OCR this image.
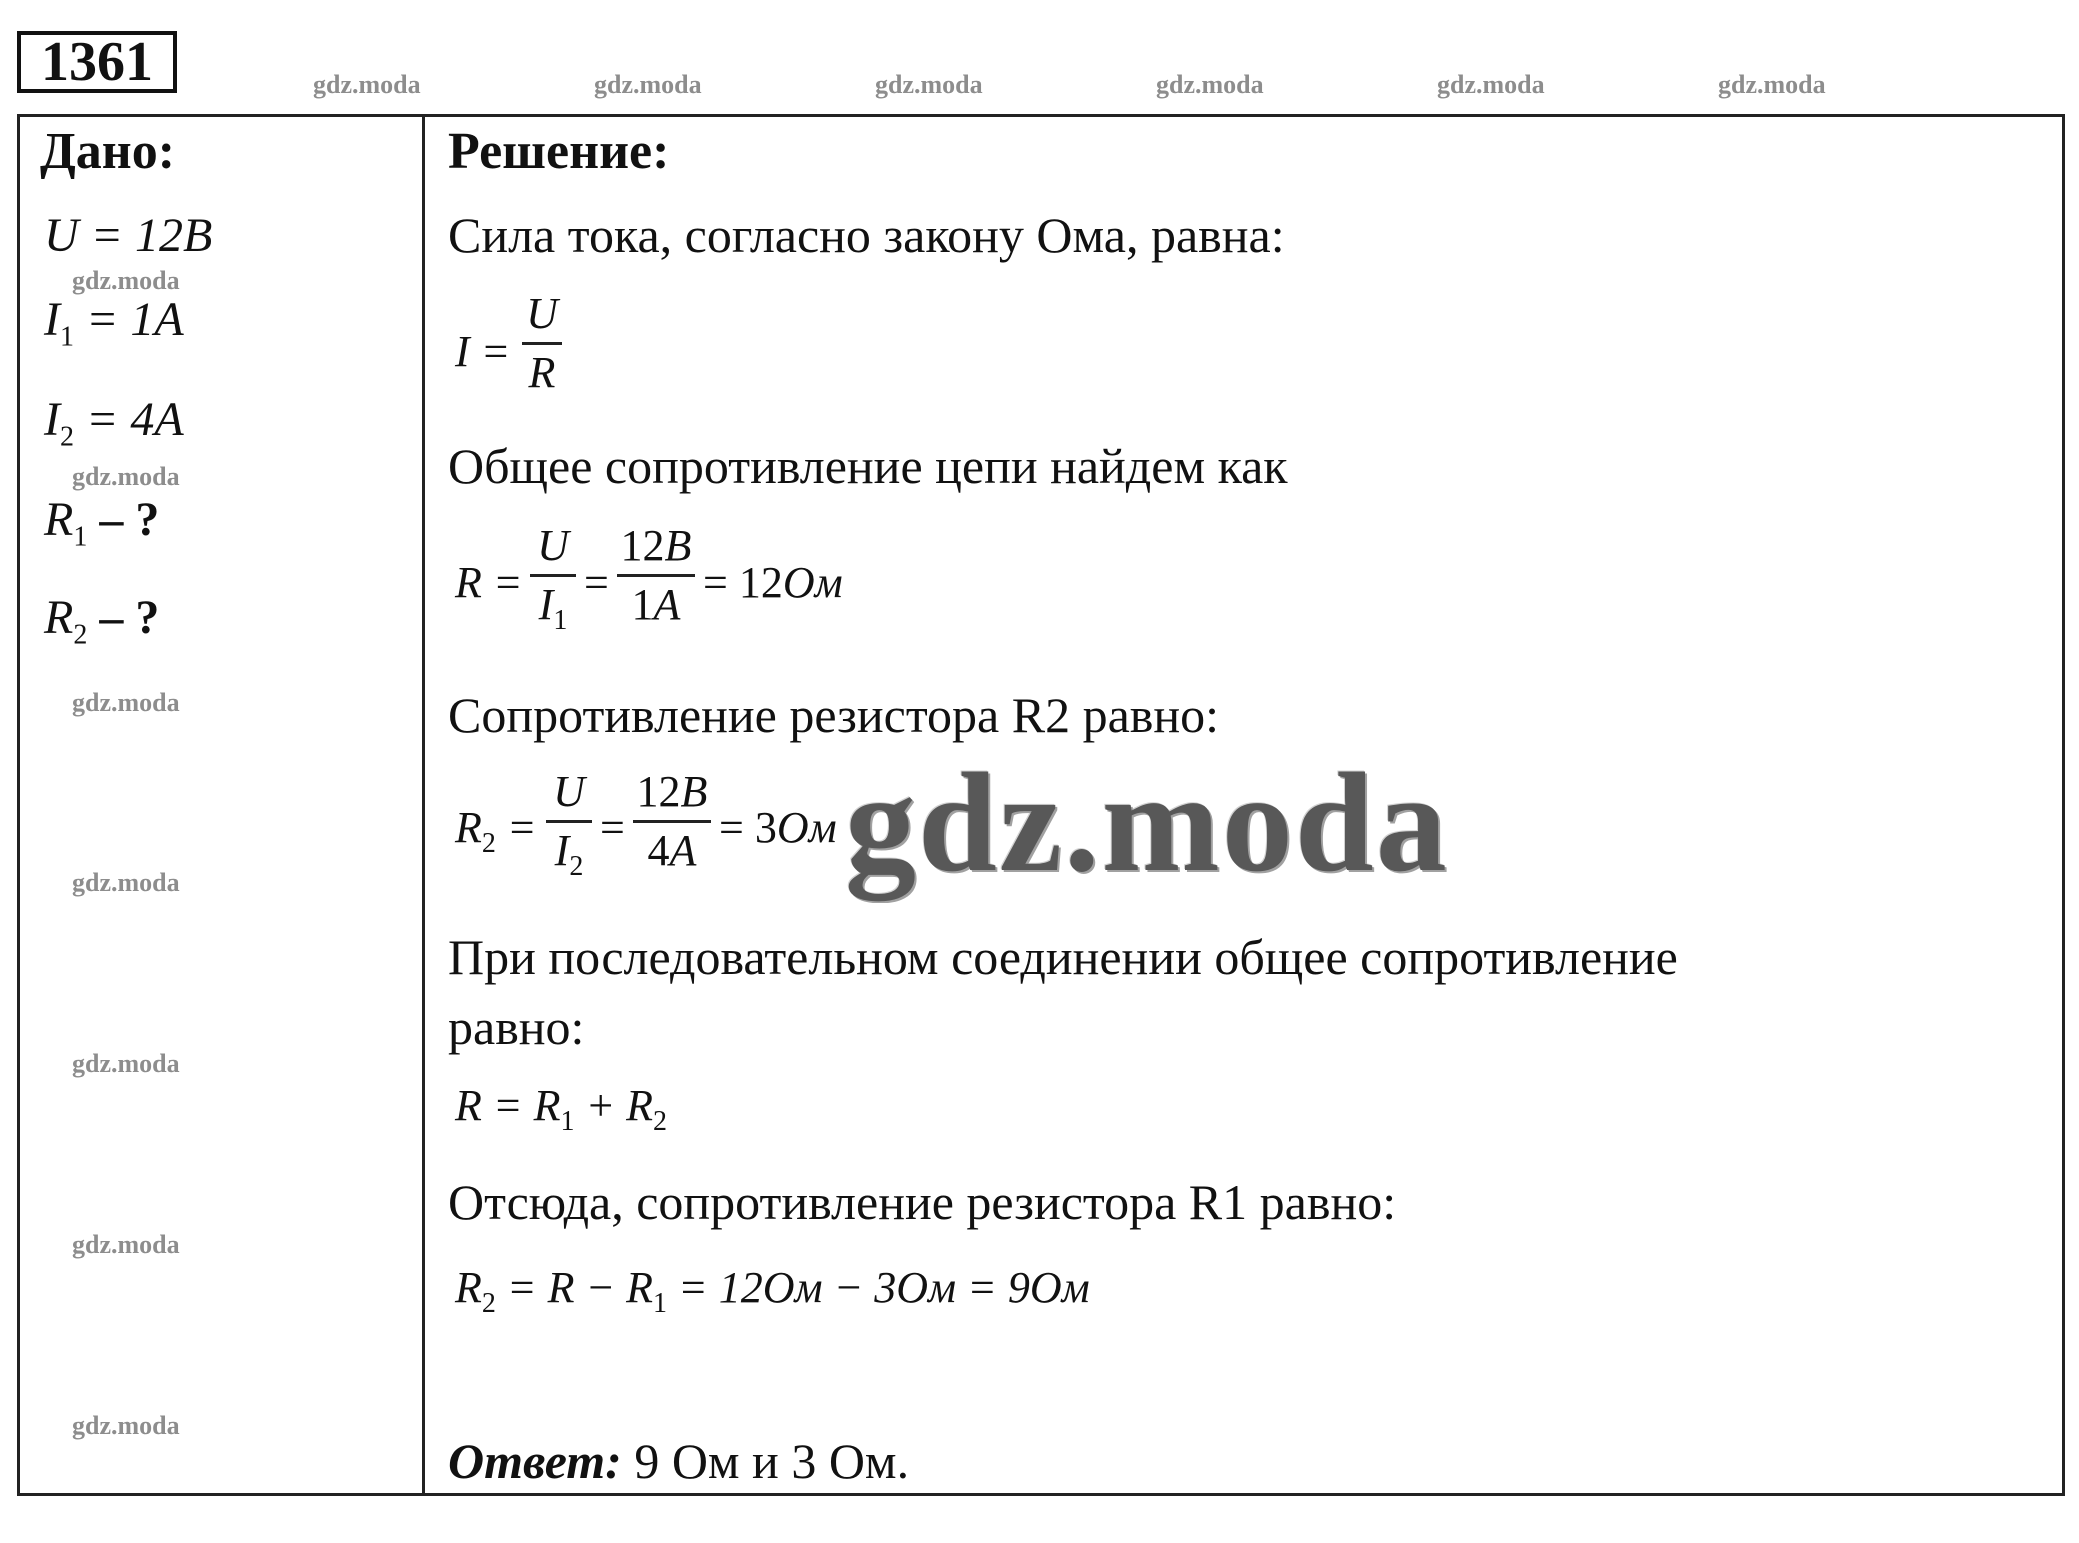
1361	gdz.moda	gdz.moda	gdz.moda	gdz.moda	gdz.moda	gdz.moda
Дано:
U = 12B
$I_1 = 1A$
$I_2 = 4A$
$R_1$ – ?
$R_2$ – ?
gdz.moda
gdz.moda
gdz.moda
gdz.moda
gdz.moda
gdz.moda
gdz.moda
Решение:
Сила тока, согласно закону Ома, равна:
I =
U
R
Общее сопротивление цепи найдем как
R =
U
$I_1$
=
12B
1A = 12Ом
Сопротивление резистора R2 равно:
$R_2$ =
U
$I_2$
=
12B
4A = 3Ом gdz.moda
При последовательном соединении общее сопротивление
равно:
$R = R_1 + R_2$
Отсюда, сопротивление резистора R1 равно:
$R_2 = R - R_1 = 12Ом - 3Ом = 9Ом$
Ответ: 9 Ом и 3 Ом.
